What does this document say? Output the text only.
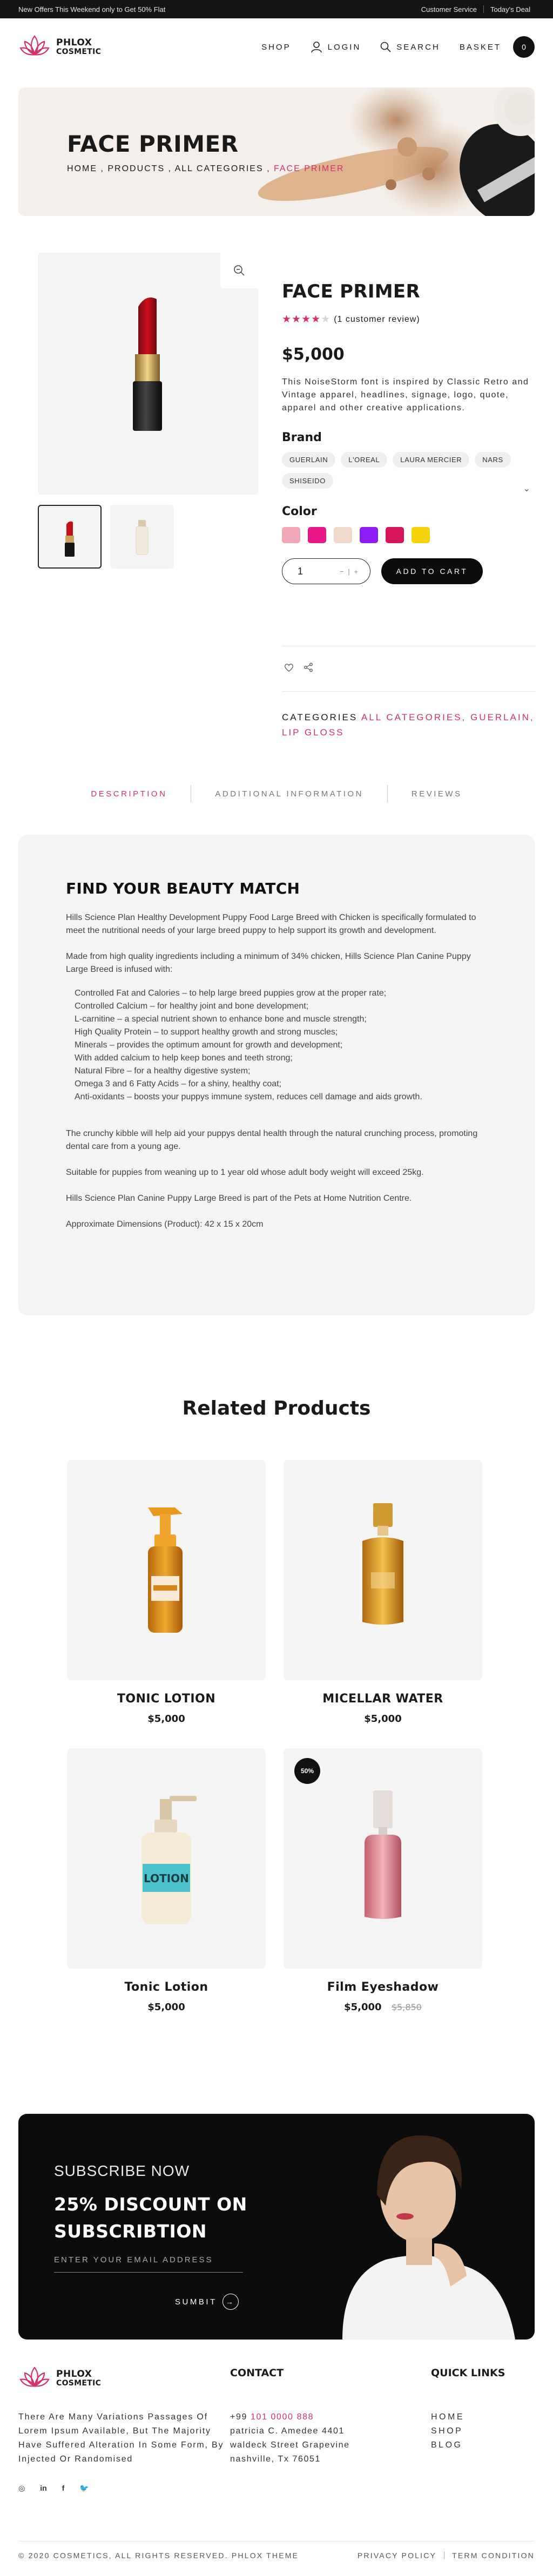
New Offers This Weekend only to Get 50% Flat	Customer Service Today's Deal
PHLOX
COSMETIC
SHOP	LOGIN	SEARCH BASKET	0
FACE PRIMER
HOME , PRODUCTS , ALL CATEGORIES , FACE PRIMER
FACE PRIMER
★★★★★ (1 customer review)
$5,000
This NoiseStorm font is inspired by Classic Retro and Vintage apparel, headlines, signage, logo, quote, apparel and other creative applications.
Brand
GUERLAIN	L'OREAL	LAURA MERCIER	NARS
SHISEIDO
⌄
Color
1	− | +	ADD TO CART
CATEGORIES ALL CATEGORIES, GUERLAIN, LIP GLOSS
DESCRIPTION	ADDITIONAL INFORMATION	REVIEWS
FIND YOUR BEAUTY MATCH

Hills Science Plan Healthy Development Puppy Food Large Breed with Chicken is specifically formulated to meet the nutritional needs of your large breed puppy to help support its growth and development.

Made from high quality ingredients including a minimum of 34% chicken, Hills Science Plan Canine Puppy Large Breed is infused with:

Controlled Fat and Calories – to help large breed puppies grow at the proper rate;
Controlled Calcium – for healthy joint and bone development;
L-carnitine – a special nutrient shown to enhance bone and muscle strength;
High Quality Protein – to support healthy growth and strong muscles;
Minerals – provides the optimum amount for growth and development;
With added calcium to help keep bones and teeth strong;
Natural Fibre – for a healthy digestive system;
Omega 3 and 6 Fatty Acids – for a shiny, healthy coat;
Anti-oxidants – boosts your puppys immune system, reduces cell damage and aids growth.

The crunchy kibble will help aid your puppys dental health through the natural crunching process, promoting dental care from a young age.

Suitable for puppies from weaning up to 1 year old whose adult body weight will exceed 25kg.

Hills Science Plan Canine Puppy Large Breed is part of the Pets at Home Nutrition Centre.

Approximate Dimensions (Product): 42 x 15 x 20cm

Related Products
TONIC LOTION
$5,000
MICELLAR WATER
$5,000
LOTION
Tonic Lotion
$5,000
50%
Film Eyeshadow
$5,000 $5,850
SUBSCRIBE NOW
25% DISCOUNT ON
SUBSCRIBTION
ENTER YOUR EMAIL ADDRESS
SUMBIT	→
PHLOX
COSMETIC
There Are Many Variations Passages Of Lorem Ipsum Available, But The Majority Have Suffered Alteration In Some Form, By Injected Or Randomised
◎ in f 🐦
CONTACT
+99 101 0000 888
patricia C. Amedee 4401
waldeck Street Grapevine
nashville, Tx 76051
QUICK LINKS
HOME
SHOP
BLOG
© 2020 COSMETICS, ALL RIGHTS RESERVED. PHLOX THEME	PRIVACY POLICY TERM CONDITION
